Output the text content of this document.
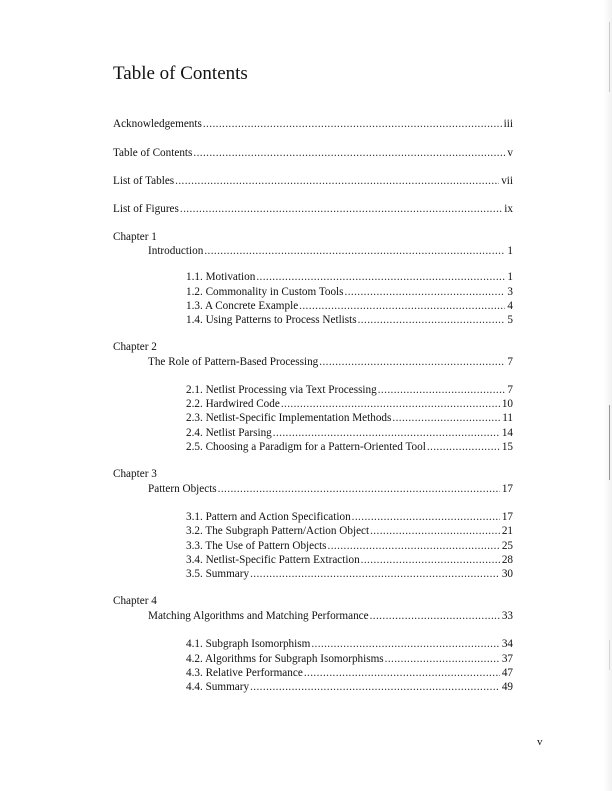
Table of Contents
Acknowledgements . . .	iii
Table of Contents . . .	v
List of Tables . . .	vii
List of Figures . . .	ix
Chapter 1
Introduction . . .	1
1.1. Motivation . . .	1
1.2. Commonality in Custom Tools . . .	3
1.3. A Concrete Example . . .	4
1.4. Using Patterns to Process Netlists . . .	5
Chapter 2
The Role of Pattern-Based Processing . . .	7
2.1. Netlist Processing via Text Processing . . .	7
2.2. Hardwired Code . . .	10
2.3. Netlist-Specific Implementation Methods . . .	11
2.4. Netlist Parsing . . .	14
2.5. Choosing a Paradigm for a Pattern-Oriented Tool . . .	15
Chapter 3
Pattern Objects . . .	17
3.1. Pattern and Action Specification . . .	17
3.2. The Subgraph Pattern/Action Object . . .	21
3.3. The Use of Pattern Objects . . .	25
3.4. Netlist-Specific Pattern Extraction . . .	28
3.5. Summary . . .	30
Chapter 4
Matching Algorithms and Matching Performance . . .	33
4.1. Subgraph Isomorphism . . .	34
4.2. Algorithms for Subgraph Isomorphisms . . .	37
4.3. Relative Performance . . .	47
4.4. Summary . . .	49
v
